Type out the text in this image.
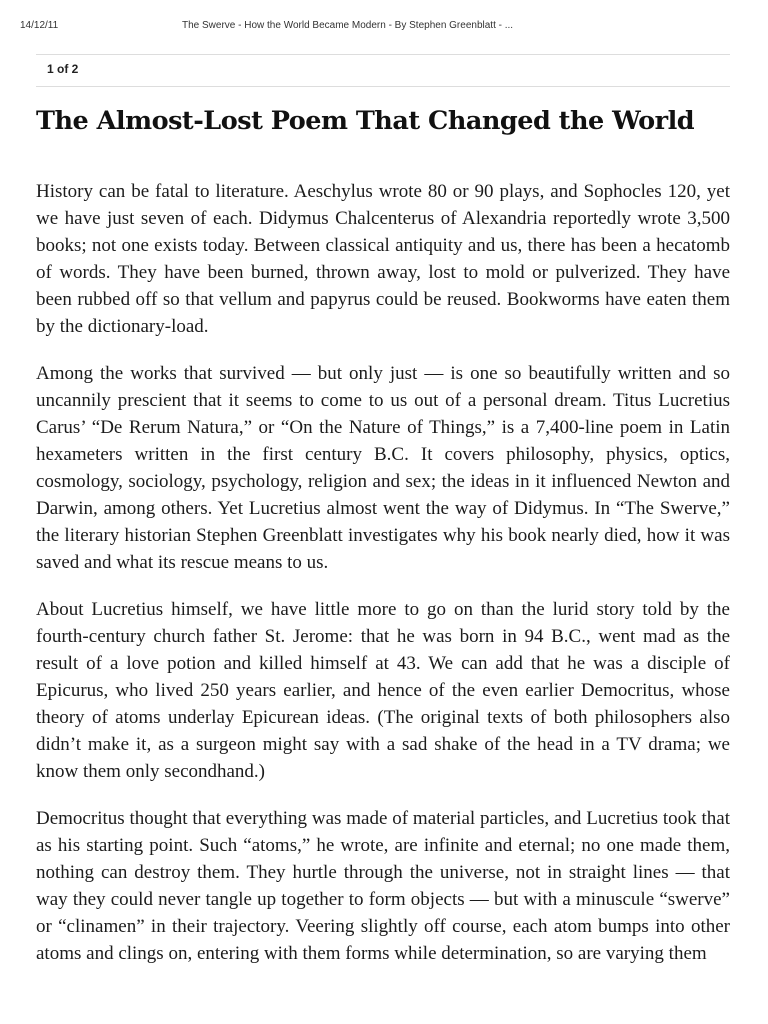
14/12/11	The Swerve - How the World Became Modern - By Stephen Greenblatt - ...
1 of 2
The Almost-Lost Poem That Changed the World

History can be fatal to literature. Aeschylus wrote 80 or 90 plays, and Sophocles 120, yet we have just seven of each. Didymus Chalcenterus of Alexandria reportedly wrote 3,500 books; not one exists today. Between classical antiquity and us, there has been a hecatomb of words. They have been burned, thrown away, lost to mold or pulverized. They have been rubbed off so that vellum and papyrus could be reused. Bookworms have eaten them by the dictionary-load.

Among the works that survived — but only just — is one so beautifully written and so uncannily prescient that it seems to come to us out of a personal dream. Titus Lucretius Carus’ “De Rerum Natura,” or “On the Nature of Things,” is a 7,400-line poem in Latin hexameters written in the first century B.C. It covers philosophy, physics, optics, cosmology, sociology, psychology, religion and sex; the ideas in it influenced Newton and Darwin, among others. Yet Lucretius almost went the way of Didymus. In “The Swerve,” the literary historian Stephen Greenblatt investigates why his book nearly died, how it was saved and what its rescue means to us.

About Lucretius himself, we have little more to go on than the lurid story told by the fourth-century church father St. Jerome: that he was born in 94 B.C., went mad as the result of a love potion and killed himself at 43. We can add that he was a disciple of Epicurus, who lived 250 years earlier, and hence of the even earlier Democritus, whose theory of atoms underlay Epicurean ideas. (The original texts of both philosophers also didn’t make it, as a surgeon might say with a sad shake of the head in a TV drama; we know them only secondhand.)

Democritus thought that everything was made of material particles, and Lucretius took that as his starting point. Such “atoms,” he wrote, are infinite and eternal; no one made them, nothing can destroy them. They hurtle through the universe, not in straight lines — that way they could never tangle up together to form objects — but with a minuscule “swerve” or “clinamen” in their trajectory. Veering slightly off course, each atom bumps into other atoms and clings on, entering with them forms while determination, so are varying them
